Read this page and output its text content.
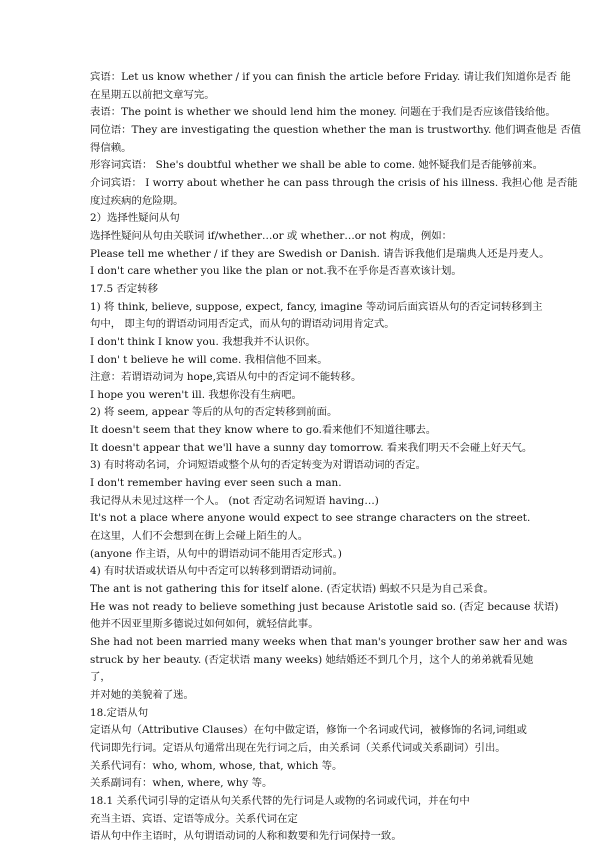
宾语：Let us know whether / if you can finish the article before Friday. 请让我们知道你是否 能
在星期五以前把文章写完。
表语：The point is whether we should lend him the money. 问题在于我们是否应该借钱给他。
同位语：They are investigating the question whether the man is trustworthy. 他们调查他是 否值
得信赖。
形容词宾语： She's doubtful whether we shall be able to come. 她怀疑我们是否能够前来。
介词宾语： I worry about whether he can pass through the crisis of his illness. 我担心他 是否能
度过疾病的危险期。
2）选择性疑问从句
选择性疑问从句由关联词 if/whether…or 或 whether…or not 构成，例如：
Please tell me whether / if they are Swedish or Danish. 请告诉我他们是瑞典人还是丹麦人。
I don't care whether you like the plan or not.我不在乎你是否喜欢该计划。
17.5 否定转移
1) 将 think, believe, suppose, expect, fancy, imagine 等动词后面宾语从句的否定词转移到主
句中， 即主句的谓语动词用否定式，而从句的谓语动词用肯定式。
I don't think I know you. 我想我并不认识你。
I don' t believe he will come. 我相信他不回来。
注意：若谓语动词为 hope,宾语从句中的否定词不能转移。
I hope you weren't ill. 我想你没有生病吧。
2) 将 seem, appear 等后的从句的否定转移到前面。
It doesn't seem that they know where to go.看来他们不知道往哪去。
It doesn't appear that we'll have a sunny day tomorrow. 看来我们明天不会碰上好天气。
3) 有时将动名词，介词短语或整个从句的否定转变为对谓语动词的否定。
I don't remember having ever seen such a man.
我记得从未见过这样一个人。 (not 否定动名词短语 having…)
It's not a place where anyone would expect to see strange characters on the street.
在这里，人们不会想到在街上会碰上陌生的人。
(anyone 作主语，从句中的谓语动词不能用否定形式。)
4) 有时状语或状语从句中否定可以转移到谓语动词前。
The ant is not gathering this for itself alone. (否定状语) 蚂蚁不只是为自己采食。
He was not ready to believe something just because Aristotle said so. (否定 because 状语)
他并不因亚里斯多德说过如何如何，就轻信此事。
She had not been married many weeks when that man's younger brother saw her and was
struck by her beauty. (否定状语 many weeks) 她结婚还不到几个月，这个人的弟弟就看见她
了，
并对她的美貌着了迷。
18.定语从句
定语从句（Attributive Clauses）在句中做定语，修饰一个名词或代词，被修饰的名词,词组或
代词即先行词。定语从句通常出现在先行词之后，由关系词（关系代词或关系副词）引出。
关系代词有：who, whom, whose, that, which 等。
关系副词有：when, where, why 等。
18.1 关系代词引导的定语从句关系代替的先行词是人或物的名词或代词，并在句中
充当主语、宾语、定语等成分。关系代词在定
语从句中作主语时，从句谓语动词的人称和数要和先行词保持一致。
